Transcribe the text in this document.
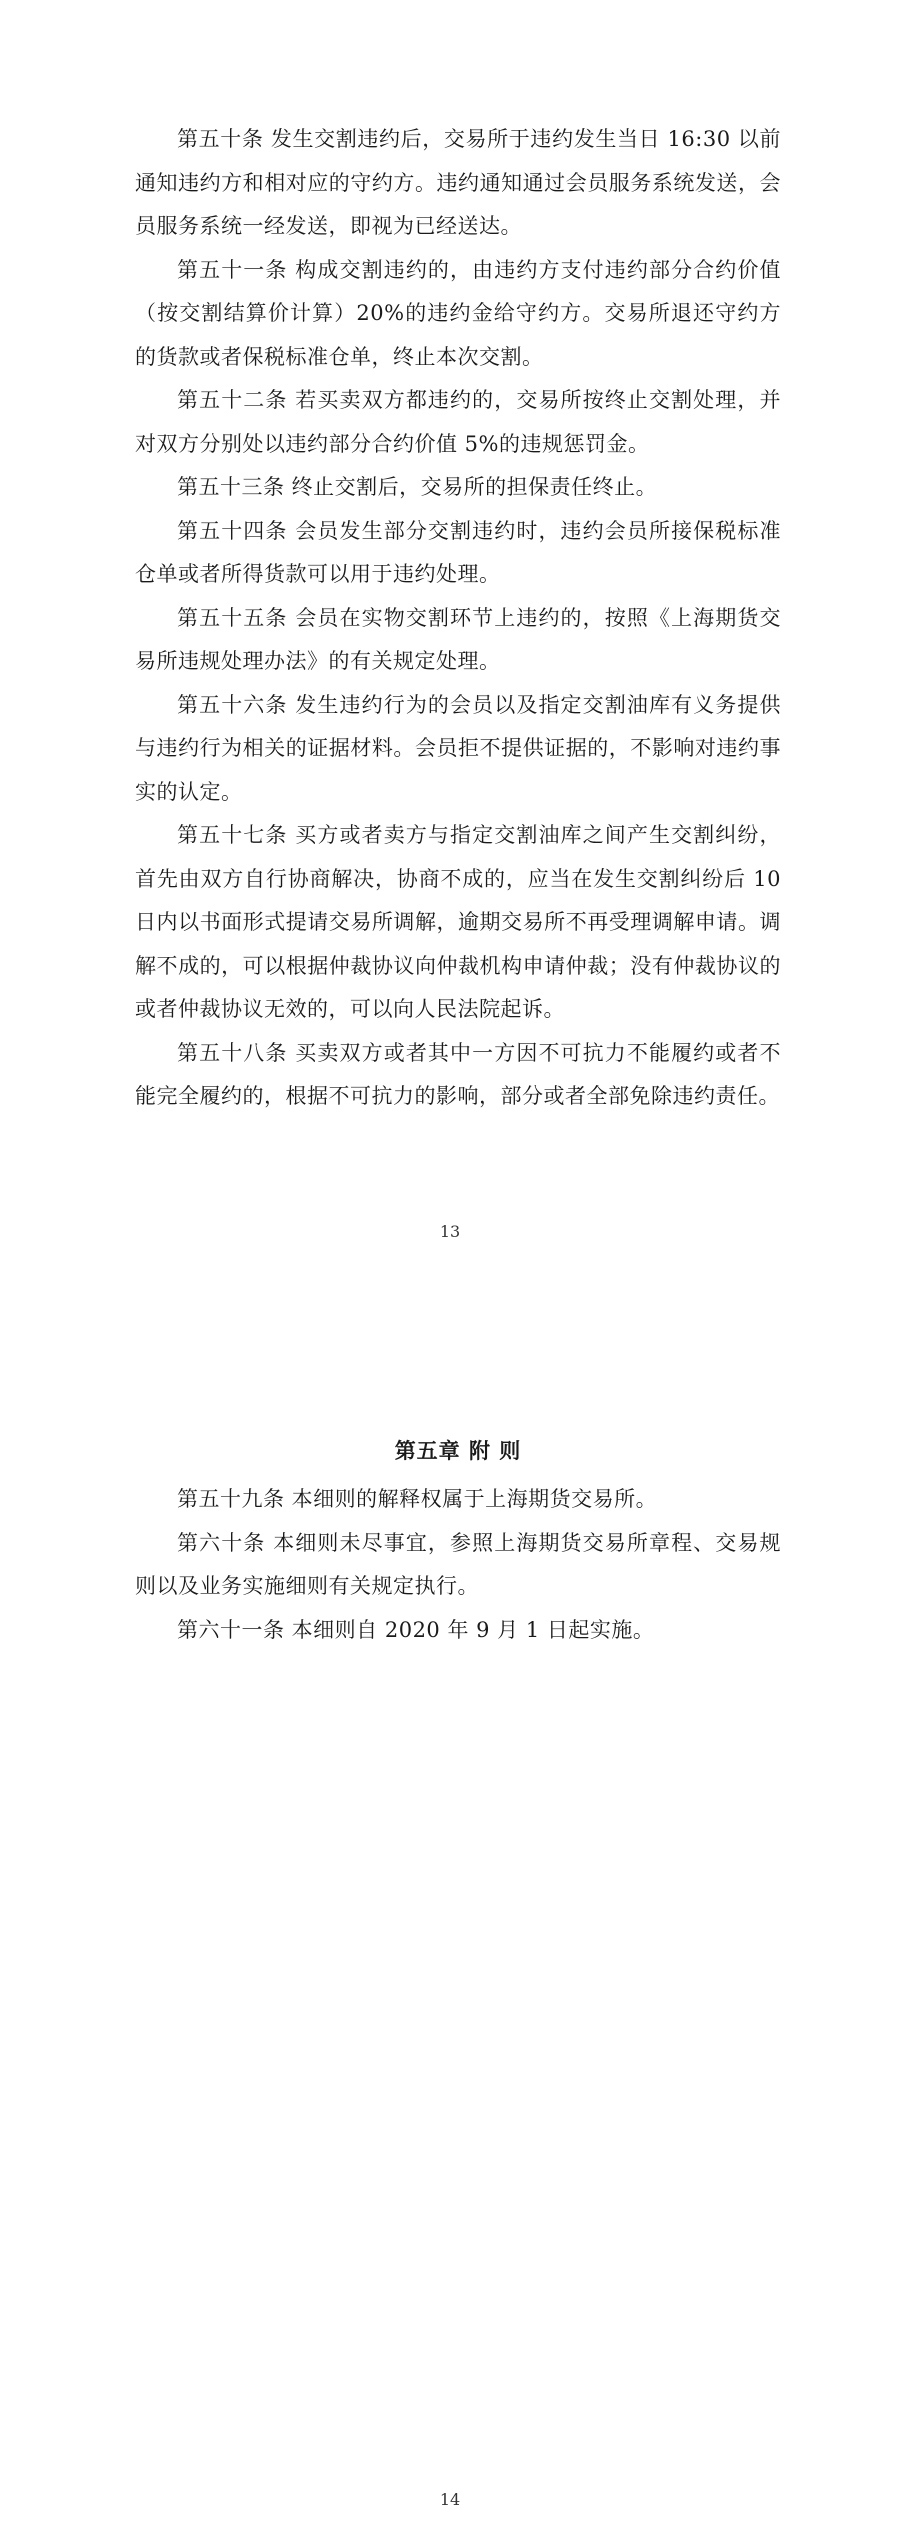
第五十条 发生交割违约后，交易所于违约发生当日 16:30 以前通知违约方和相对应的守约方。违约通知通过会员服务系统发送，会员服务系统一经发送，即视为已经送达。

第五十一条 构成交割违约的，由违约方支付违约部分合约价值（按交割结算价计算）20%的违约金给守约方。交易所退还守约方的货款或者保税标准仓单，终止本次交割。

第五十二条 若买卖双方都违约的，交易所按终止交割处理，并对双方分别处以违约部分合约价值 5%的违规惩罚金。

第五十三条 终止交割后，交易所的担保责任终止。

第五十四条 会员发生部分交割违约时，违约会员所接保税标准仓单或者所得货款可以用于违约处理。

第五十五条 会员在实物交割环节上违约的，按照《上海期货交易所违规处理办法》的有关规定处理。

第五十六条 发生违约行为的会员以及指定交割油库有义务提供与违约行为相关的证据材料。会员拒不提供证据的，不影响对违约事实的认定。

第五十七条 买方或者卖方与指定交割油库之间产生交割纠纷，首先由双方自行协商解决，协商不成的，应当在发生交割纠纷后 10 日内以书面形式提请交易所调解，逾期交易所不再受理调解申请。调解不成的，可以根据仲裁协议向仲裁机构申请仲裁；没有仲裁协议的或者仲裁协议无效的，可以向人民法院起诉。

第五十八条 买卖双方或者其中一方因不可抗力不能履约或者不能完全履约的，根据不可抗力的影响，部分或者全部免除违约责任。

13
第五章 附 则

第五十九条 本细则的解释权属于上海期货交易所。

第六十条 本细则未尽事宜，参照上海期货交易所章程、交易规则以及业务实施细则有关规定执行。

第六十一条 本细则自 2020 年 9 月 1 日起实施。

14
